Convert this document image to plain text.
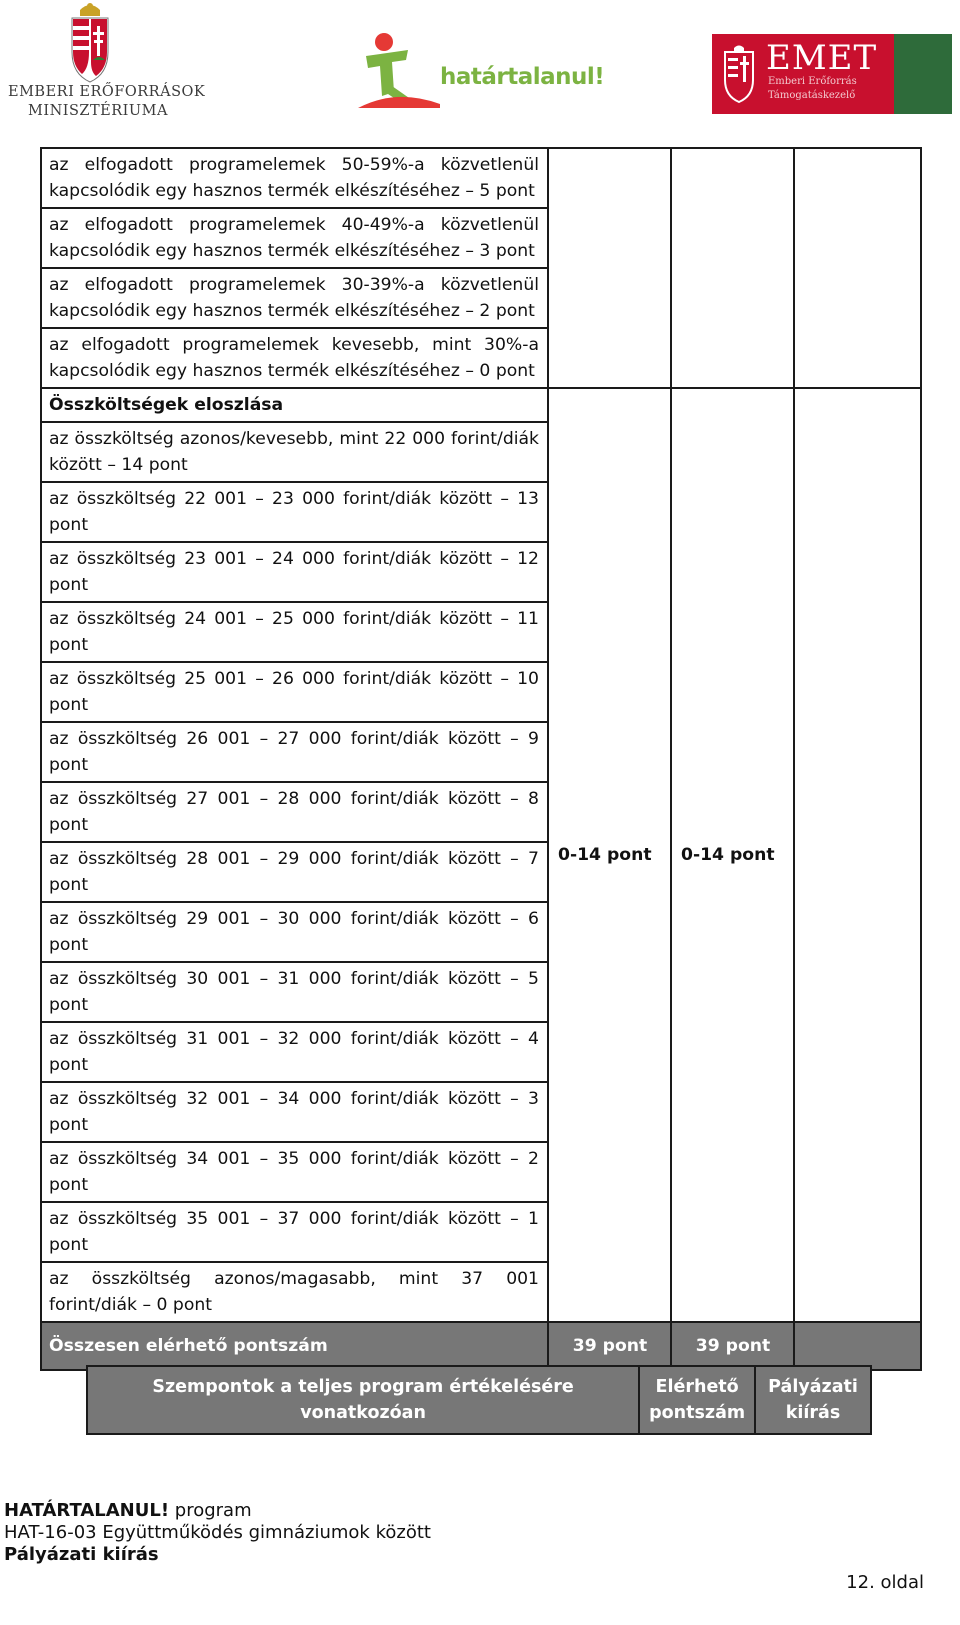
EMBERI ERŐFORRÁSOK
MINISZTÉRIUMA
határtalanul!	EMET
Emberi Erőforrás
Támogatáskezelő
az elfogadott programelemek 50-59%-a közvetlenül kapcsolódik egy hasznos termék elkészítéséhez – 5 pont			
az elfogadott programelemek 40-49%-a közvetlenül kapcsolódik egy hasznos termék elkészítéséhez – 3 pont			
az elfogadott programelemek 30-39%-a közvetlenül kapcsolódik egy hasznos termék elkészítéséhez – 2 pont			
az elfogadott programelemek kevesebb, mint 30%-a kapcsolódik egy hasznos termék elkészítéséhez – 0 pont			
Összköltségek eloszlása	0-14 pont	0-14 pont	
az összköltség azonos/kevesebb, mint 22 000 forint/diák között – 14 pont			
az összköltség 22 001 – 23 000 forint/diák között – 13 pont			
az összköltség 23 001 – 24 000 forint/diák között – 12 pont			
az összköltség 24 001 – 25 000 forint/diák között – 11 pont			
az összköltség 25 001 – 26 000 forint/diák között – 10 pont			
az összköltség 26 001 – 27 000 forint/diák között – 9 pont			
az összköltség 27 001 – 28 000 forint/diák között – 8 pont			
az összköltség 28 001 – 29 000 forint/diák között – 7 pont			
az összköltség 29 001 – 30 000 forint/diák között – 6 pont			
az összköltség 30 001 – 31 000 forint/diák között – 5 pont			
az összköltség 31 001 – 32 000 forint/diák között – 4 pont			
az összköltség 32 001 – 34 000 forint/diák között – 3 pont			
az összköltség 34 001 – 35 000 forint/diák között – 2 pont			
az összköltség 35 001 – 37 000 forint/diák között – 1 pont			
az összköltség azonos/magasabb, mint 37 001 forint/diák – 0 pont			
Összesen elérhető pontszám	39 pont	39 pont	
Szempontok a teljes program értékelésére vonatkozóan	Elérhető pontszám	Pályázati kiírás
HATÁRTALANUL! program
HAT-16-03 Együttműködés gimnáziumok között
Pályázati kiírás
12. oldal
